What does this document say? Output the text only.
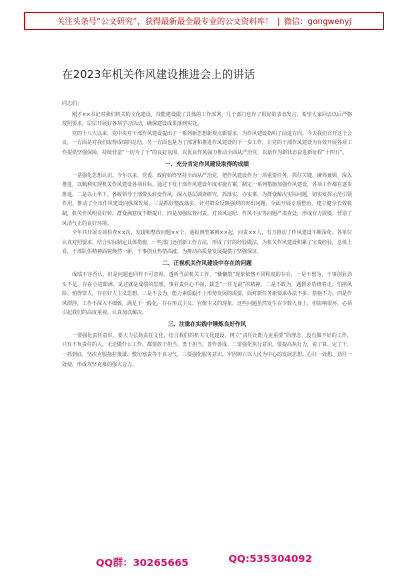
关注头条号“公文研究”，获得最新最全最专业的公文资料库！ | 微信：gongwenyj
在2023年机关作风建设推进会上的讲话

同志们：

刚才××书记对我们机关的文化建设，技能建设做了具体的工作部署，几个部门也作了很好的表态发言，希望大家回去以后严格按照要求，层层开展好各项学习活动，确保建设成果落到实处。

党的十八大以来，党中央对干部作风建设提出了一系列新思想新观点新要求，为作风建设指明了前进方向。今天我们召开这个会议，一方面是对我们取得成绩的总结，另一方面也是为了部署和推进作风建设的下一步工作，让党的干部作风建设为有效开展各项工作提供坚强保障，持续营造“一切为了干”的良好氛围，以优良作风强力推动全面从严治党，以新作为新状态奋进新征程“十四五”。

一、充分肯定作风建设取得的成绩

一是强化思想认识。今年以来，党委、政府始终坚持全面从严治党，把作风建设作为一项重要任务，抓住关键，统筹兼顾，深入推进，以顺利实现机关作风建设各项目标。通过下发干部作风建设年度实施方案，制定一系列措施加强作风建设，各项工作都在逐步推进。二是以上率下。各级领导干部带头转变作风，深入基层调查研究，抓落实、办实事，为群众解决实际问题，切实发挥示范引领作用，推动了全市作风建设向纵深发展。三是抓好整改落实。针对群众反映强烈的突出问题，全面开展专项整治，建立健全长效机制，机关作风明显好转，群众满意度不断提升。四是加强监督问责。对顶风违纪、作风不实等问题严肃查处，形成有力震慑，营造了风清气正的良好环境。

全年共开展专项检查××次，发现和整改问题××个，通报典型案例××起，问责××人，有力推动了作风建设不断深化。各单位认真对照要求，结合实际制定具体措施，一些部门还创新工作方法，形成了好的经验做法，为机关作风建设积累了宝贵经验，总体上看，干部队伍精神面貌焕然一新，干事创业热情高涨，为推动高质量发展提供了坚强保证。

二、正视机关作风建设中存在的问题

成绩不容否认，但是问题也同样不可忽视，透析当前机关工作，“慵懒散”现象依然不同程度的存在，一是不想为，干事创业劲头不足，存在小进即满、见过就是成绩的思想，事业责任心不强，缺乏“一往无前”的精神。二是不敢为，遇到矛盾绕着走，怕担风险、怕得罪人，存在好人主义思想。三是不会为，能力素质跟不上形势发展的需要，面对新任务新要求办法不多、措施不力。四是作风漂浮，工作不深入不细致，满足于一般化，存在形式主义、官僚主义的现象，这些问题虽然发生在少数人身上，但影响很坏，必须引起我们的高度重视，认真加以解决。

三、注重在实践中锤炼良好作风

一要强化责任意识。要大力弘扬责任文化，结合我们的机关文化建设，树立“责任比能力更重要”的理念，没有做不好的工作，只有不负责任的人。无论做什么工作，都要敢于担当、勇于担当，善作善成。二要强化执行意识。要提高执行力，说了算、定了干，一抓到底，坚决克服拖拉推诿、敷衍塞责等不良习气。三要强化服务意识。牢固树立以人民为中心的发展思想，心往一处想、劲往一处使，形成攻坚克难的强大合力。

QQ群：30265665	QQ:535304092
